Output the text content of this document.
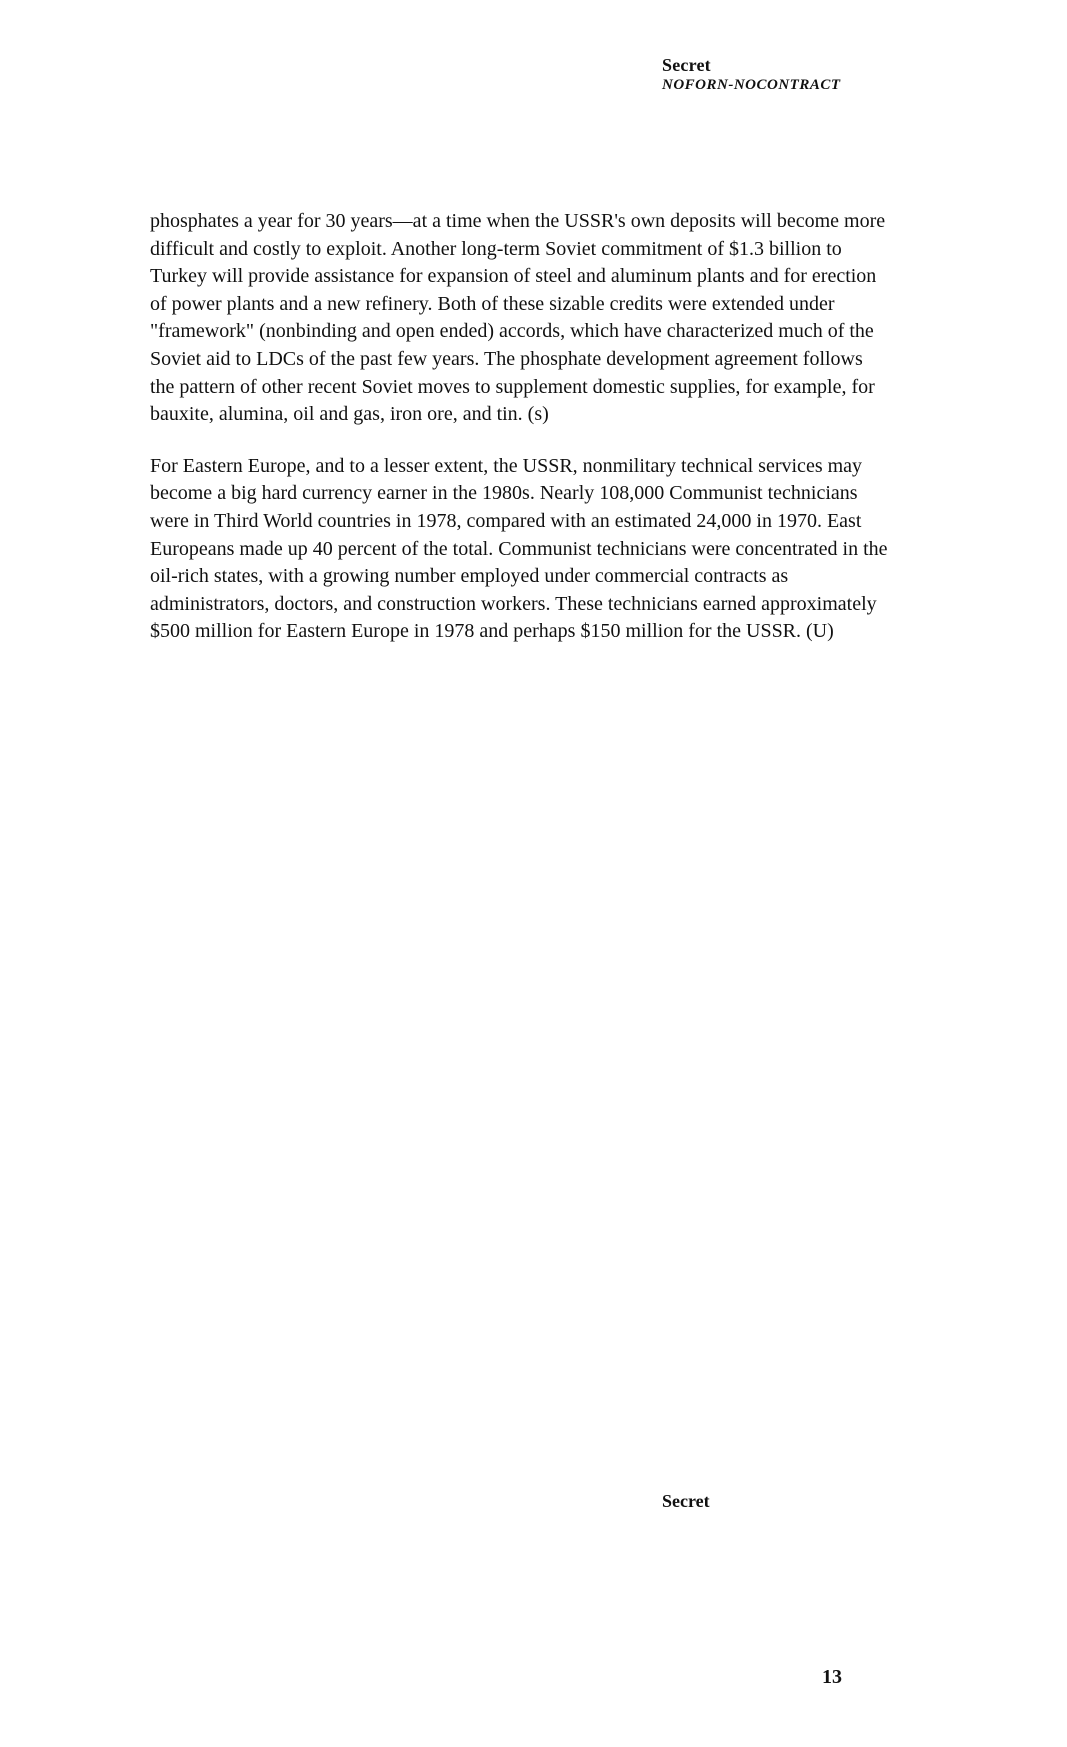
Secret
NOFORN-NOCONTRACT

phosphates a year for 30 years—at a time when the USSR's own deposits will become more difficult and costly to exploit. Another long-term Soviet commitment of $1.3 billion to Turkey will provide assistance for expansion of steel and aluminum plants and for erection of power plants and a new refinery. Both of these sizable credits were extended under "framework" (nonbinding and open ended) accords, which have characterized much of the Soviet aid to LDCs of the past few years. The phosphate development agreement follows the pattern of other recent Soviet moves to supplement domestic supplies, for example, for bauxite, alumina, oil and gas, iron ore, and tin. (s)

For Eastern Europe, and to a lesser extent, the USSR, nonmilitary technical services may become a big hard currency earner in the 1980s. Nearly 108,000 Communist technicians were in Third World countries in 1978, compared with an estimated 24,000 in 1970. East Europeans made up 40 percent of the total. Communist technicians were concentrated in the oil-rich states, with a growing number employed under commercial contracts as administrators, doctors, and construction workers. These technicians earned approximately $500 million for Eastern Europe in 1978 and perhaps $150 million for the USSR. (U)

Secret
13
